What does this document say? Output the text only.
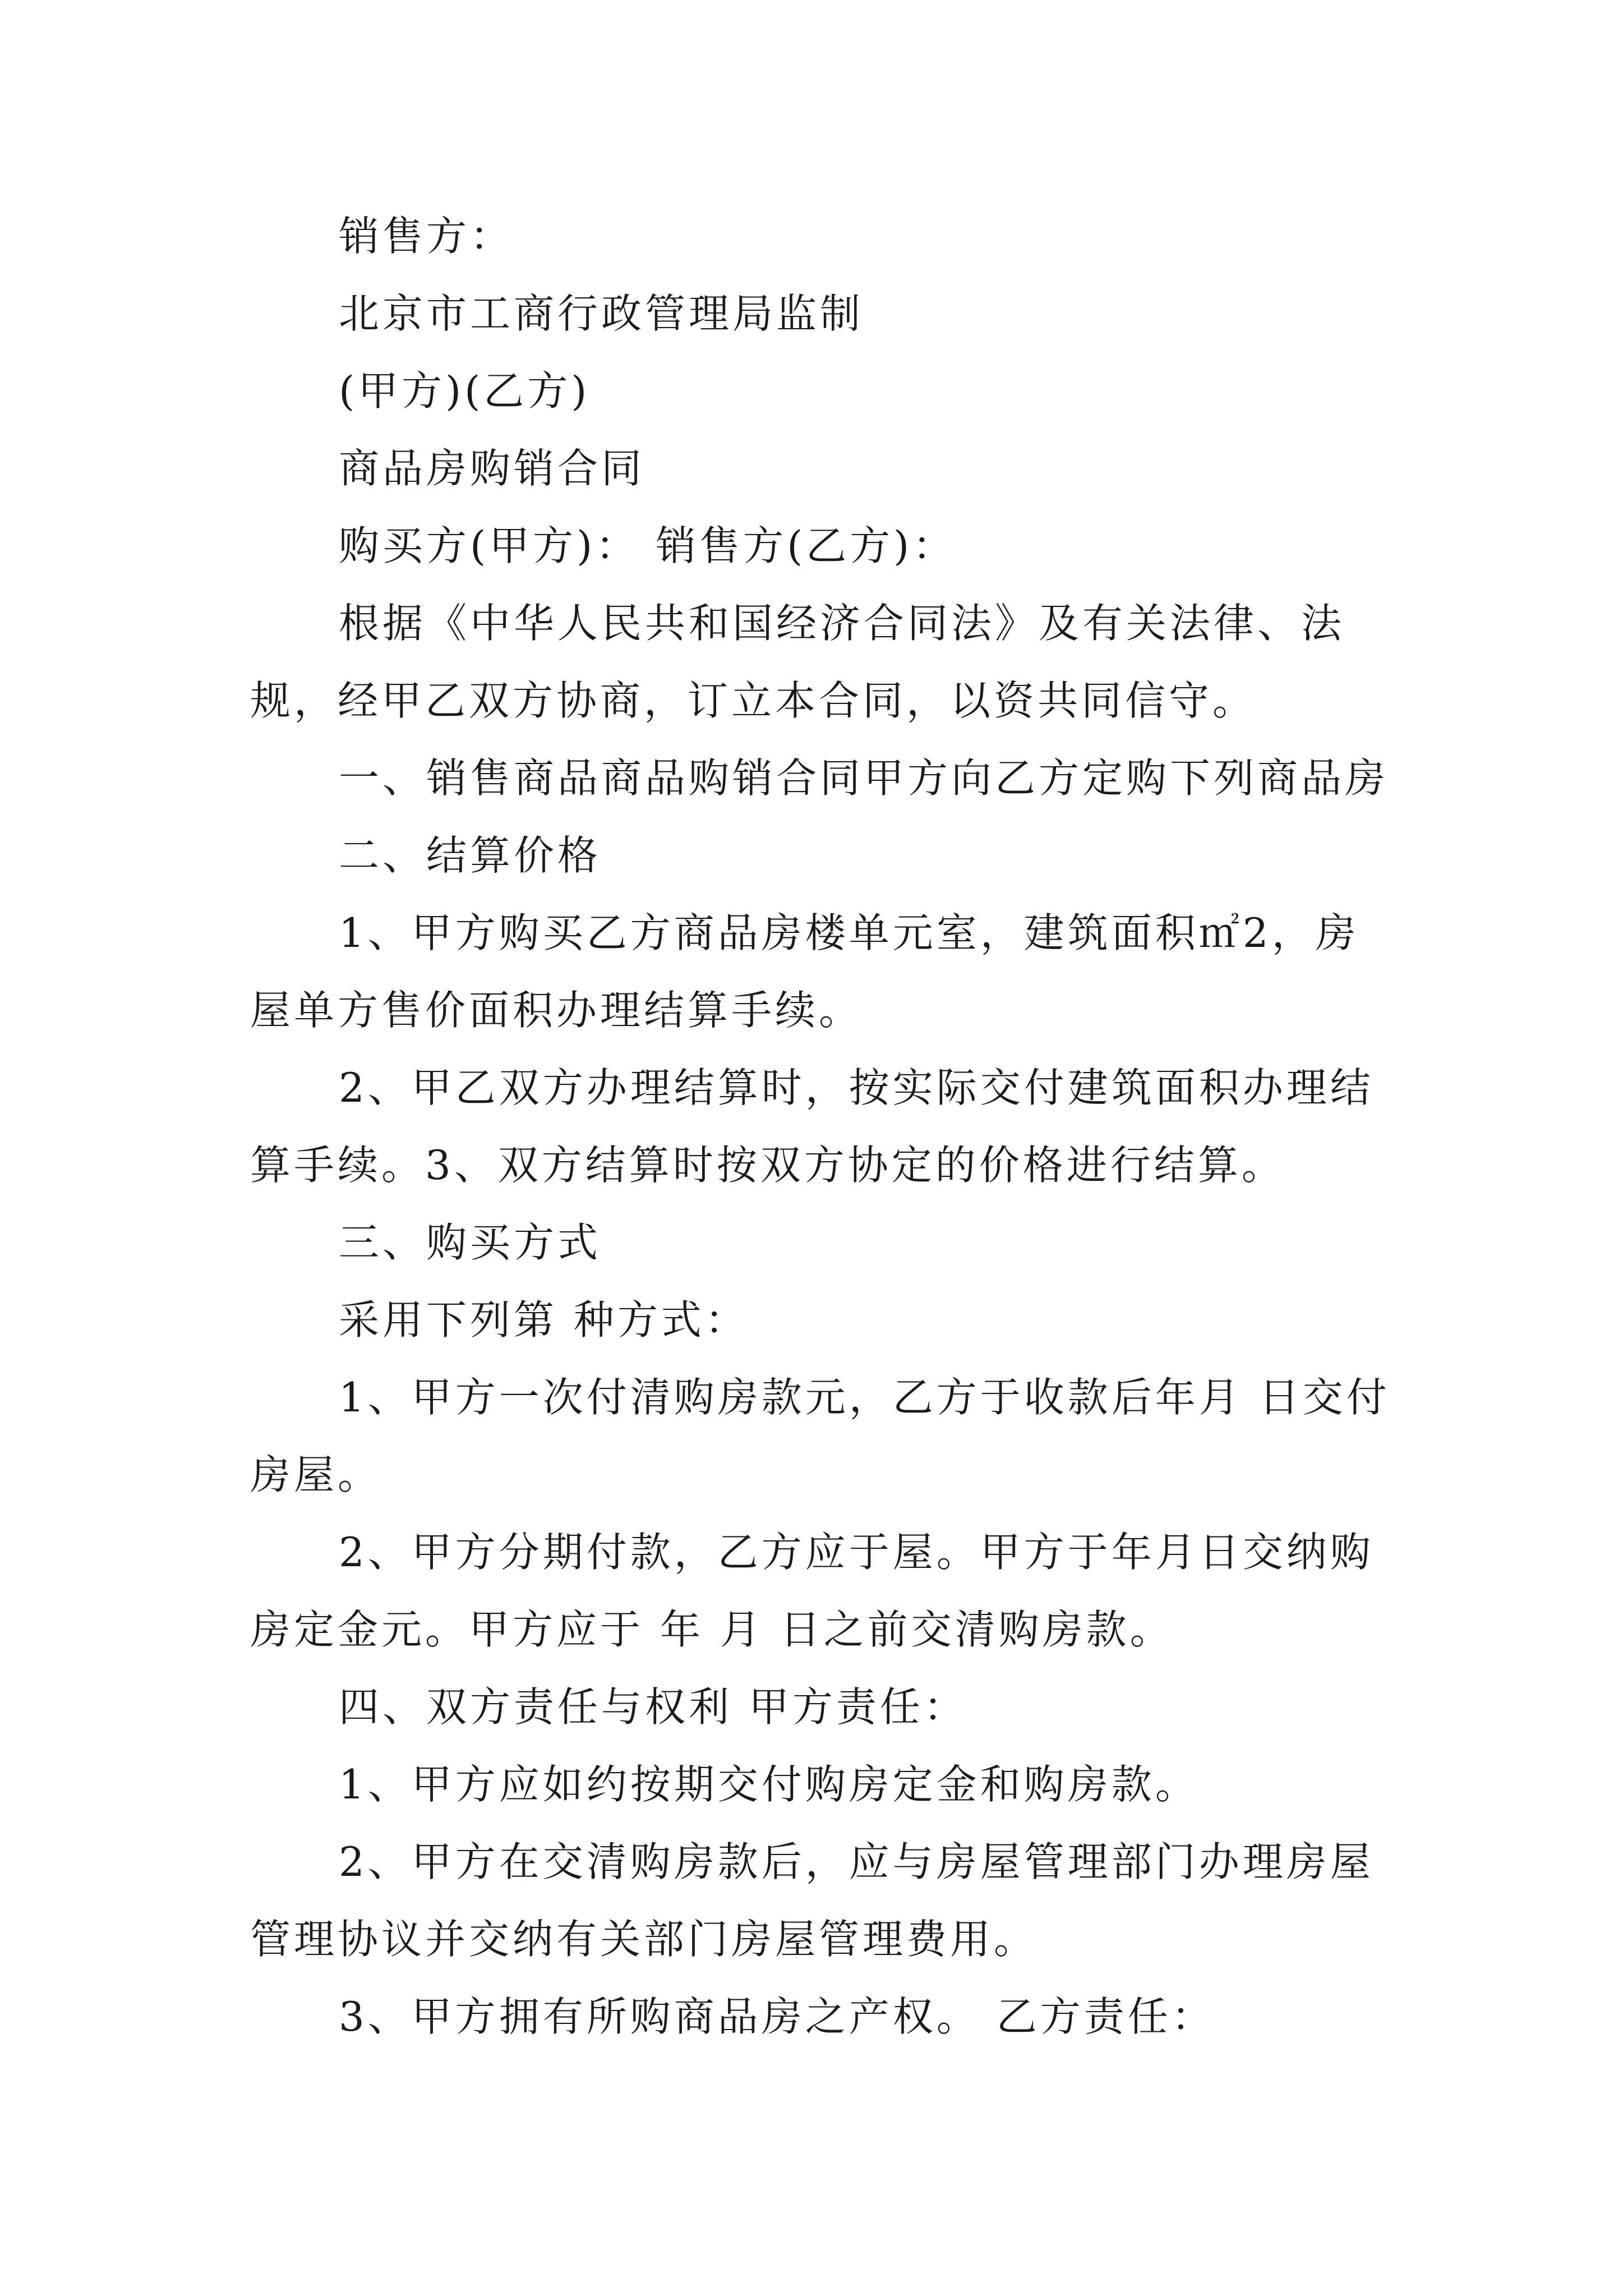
销售方：

北京市工商行政管理局监制

(甲方)(乙方)

商品房购销合同

购买方(甲方)： 销售方(乙方)：

根据《中华人民共和国经济合同法》及有关法律、法规，经甲乙双方协商，订立本合同，以资共同信守。

一、销售商品商品购销合同甲方向乙方定购下列商品房

二、结算价格

1、甲方购买乙方商品房楼单元室，建筑面积㎡2，房屋单方售价面积办理结算手续。

2、甲乙双方办理结算时，按实际交付建筑面积办理结算手续。3、双方结算时按双方协定的价格进行结算。

三、购买方式

采用下列第 种方式：

1、甲方一次付清购房款元，乙方于收款后年月 日交付房屋。

2、甲方分期付款，乙方应于屋。甲方于年月日交纳购房定金元。甲方应于 年 月 日之前交清购房款。

四、双方责任与权利 甲方责任：

1、甲方应如约按期交付购房定金和购房款。

2、甲方在交清购房款后，应与房屋管理部门办理房屋管理协议并交纳有关部门房屋管理费用。

3、甲方拥有所购商品房之产权。 乙方责任：
